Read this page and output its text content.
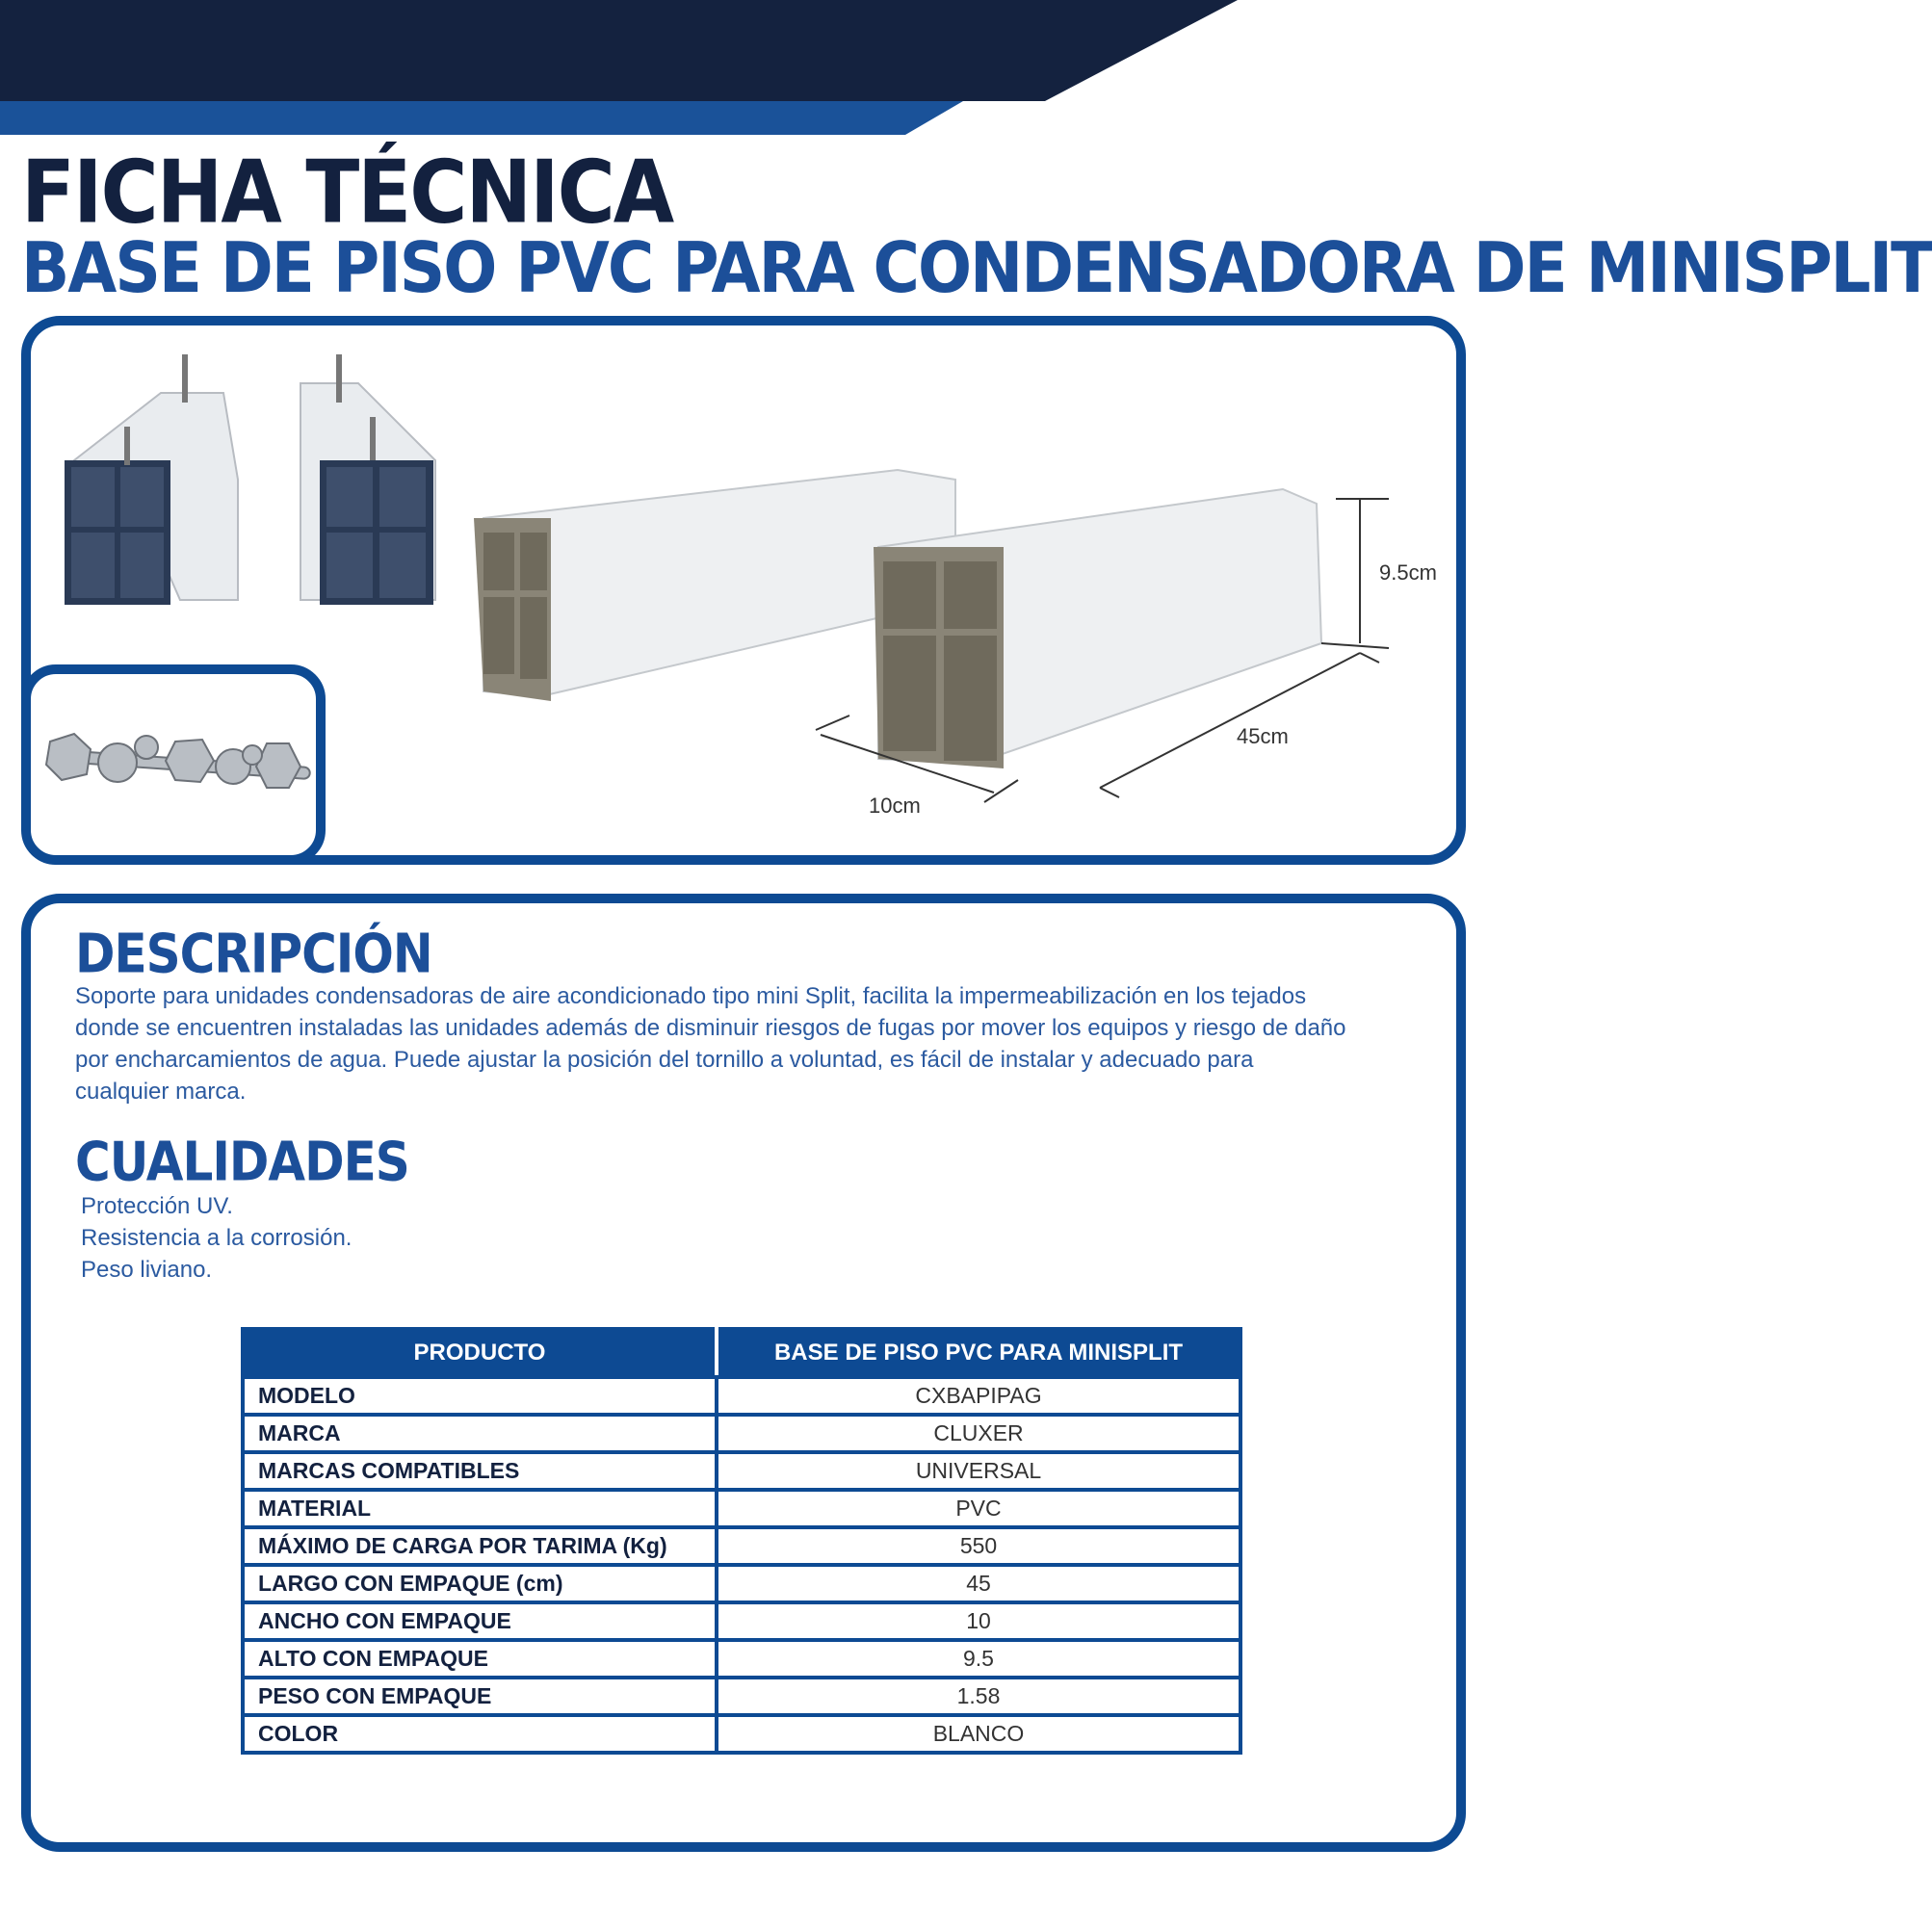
FICHA TÉCNICA
BASE DE PISO PVC PARA CONDENSADORA DE MINISPLIT
9.5cm
45cm
10cm
DESCRIPCIÓN

Soporte para unidades condensadoras de aire acondicionado tipo mini Split, facilita la impermeabilización en los tejados donde se encuentren instaladas las unidades además de disminuir riesgos de fugas por mover los equipos y riesgo de daño por encharcamientos de agua. Puede ajustar la posición del tornillo a voluntad, es fácil de instalar y adecuado para cualquier marca.

CUALIDADES
Protección UV.
Resistencia a la corrosión.
Peso liviano.
PRODUCTO	BASE DE PISO PVC PARA MINISPLIT
MODELO	CXBAPIPAG
MARCA	CLUXER
MARCAS COMPATIBLES	UNIVERSAL
MATERIAL	PVC
MÁXIMO DE CARGA POR TARIMA (Kg)	550
LARGO CON EMPAQUE (cm)	45
ANCHO CON EMPAQUE	10
ALTO CON EMPAQUE	9.5
PESO CON EMPAQUE	1.58
COLOR	BLANCO
